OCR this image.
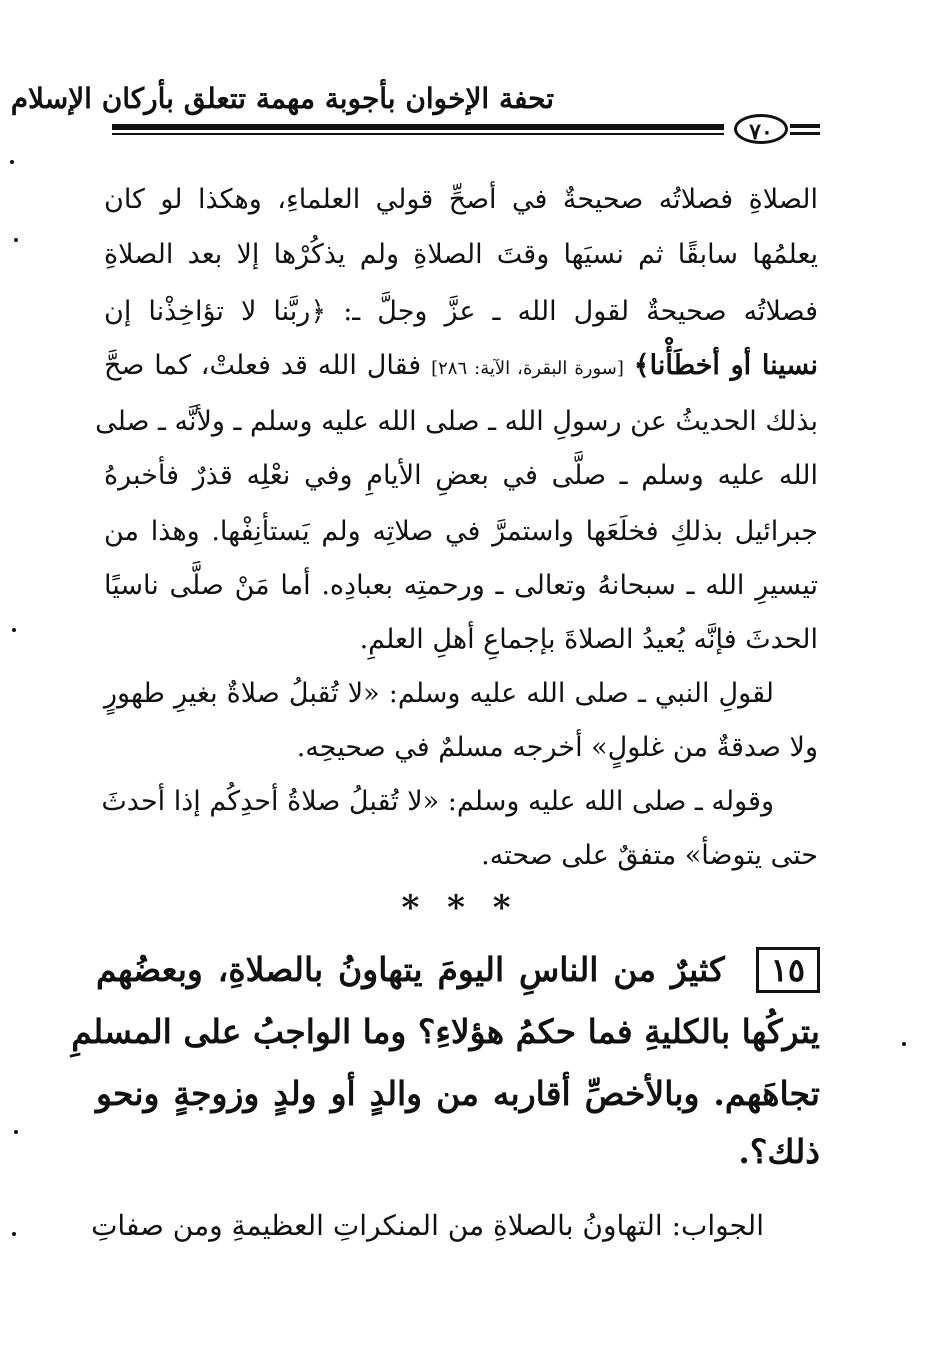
تحفة الإخوان بأجوبة مهمة تتعلق بأركان الإسلام
٧٠
الصلاةِ فصلاتُه صحيحةٌ في أصحِّ قولي العلماءِ، وهكذا لو كان
يعلمُها سابقًا ثم نسيَها وقتَ الصلاةِ ولم يذكُرْها إلا بعد الصلاةِ
فصلاتُه صحيحةٌ لقول الله ـ عزَّ وجلَّ ـ: ﴿ربَّنا لا تؤاخِذْنا إن
نسينا أو أخطَأْنا﴾ [سورة البقرة، الآية: ٢٨٦] فقال الله قد فعلتْ، كما صحَّ
بذلك الحديثُ عن رسولِ الله ـ صلى الله عليه وسلم ـ ولأنَّه ـ صلى
الله عليه وسلم ـ صلَّى في بعضِ الأيامِ وفي نعْلِه قذرٌ فأخبرهُ
جبرائيل بذلكِ فخلَعَها واستمرَّ في صلاتِه ولم يَستأنِفْها. وهذا من
تيسيرِ الله ـ سبحانهُ وتعالى ـ ورحمتِه بعبادِه. أما مَنْ صلَّى ناسيًا
الحدثَ فإنَّه يُعيدُ الصلاةَ بإجماعِ أهلِ العلمِ.
لقولِ النبي ـ صلى الله عليه وسلم: «لا تُقبلُ صلاةٌ بغيرِ طهورٍ
ولا صدقةٌ من غلولٍ» أخرجه مسلمٌ في صحيحِه.
وقوله ـ صلى الله عليه وسلم: «لا تُقبلُ صلاةُ أحدِكُم إذا أحدثَ
حتى يتوضأ» متفقٌ على صحته.
* * *
١٥ كثيرٌ من الناسِ اليومَ يتهاونُ بالصلاةِ، وبعضُهم
يتركُها بالكليةِ فما حكمُ هؤلاءِ؟ وما الواجبُ على المسلمِ
تجاهَهم. وبالأخصِّ أقاربه من والدٍ أو ولدٍ وزوجةٍ ونحو
ذلك؟.
الجواب: التهاونُ بالصلاةِ من المنكراتِ العظيمةِ ومن صفاتِ
